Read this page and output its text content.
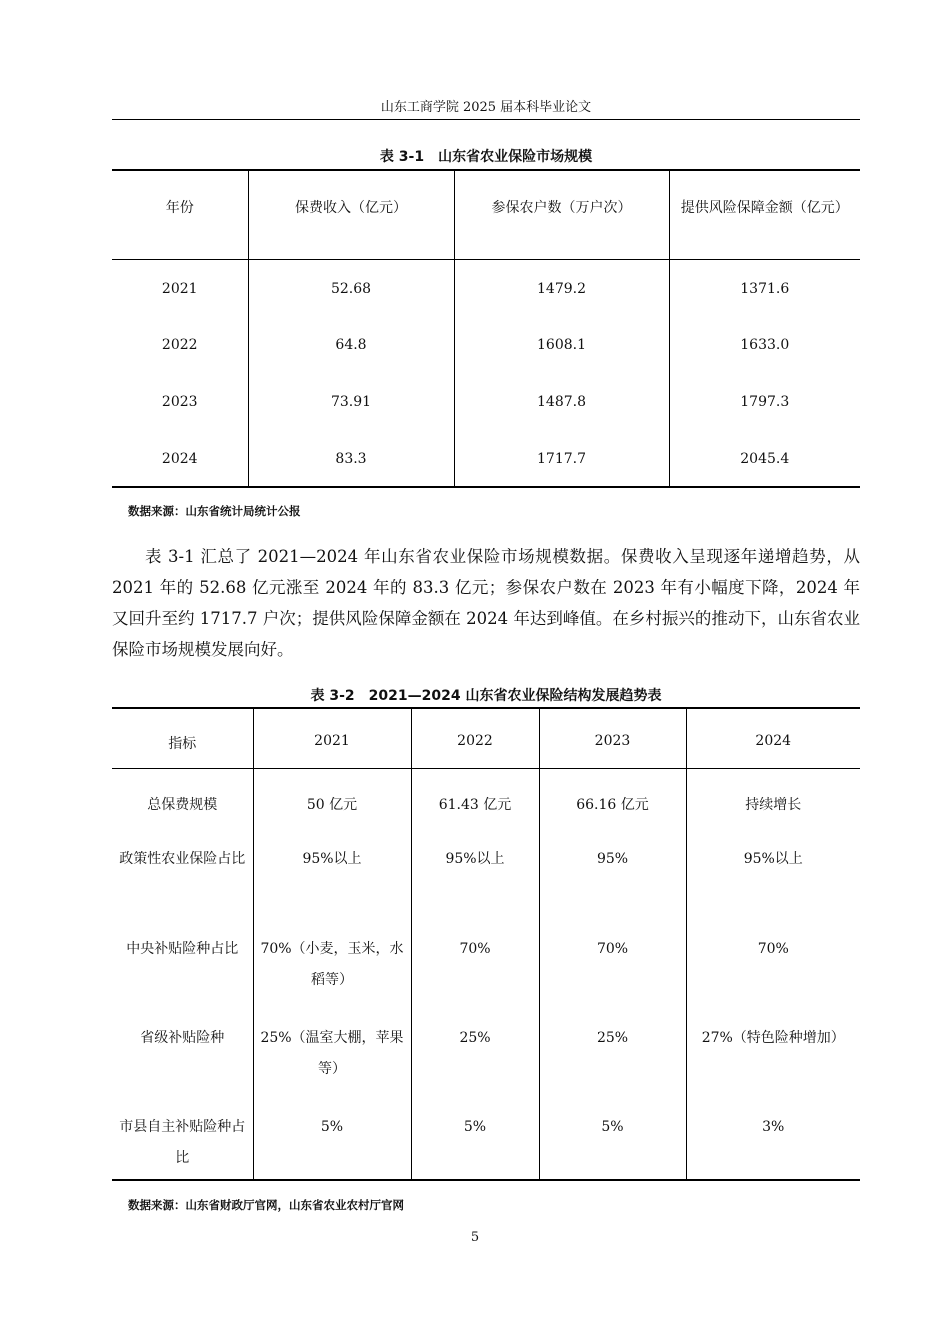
山东工商学院 2025 届本科毕业论文
表 3-1　山东省农业保险市场规模
年份	保费收入（亿元）	参保农户数（万户次）	提供风险保障金额（亿元）
2021	52.68	1479.2	1371.6
2022	64.8	1608.1	1633.0
2023	73.91	1487.8	1797.3
2024	83.3	1717.7	2045.4
数据来源：山东省统计局统计公报
表 3-1 汇总了 2021—2024 年山东省农业保险市场规模数据。保费收入呈现逐年递增趋势，从 2021 年的 52.68 亿元涨至 2024 年的 83.3 亿元；参保农户数在 2023 年有小幅度下降，2024 年又回升至约 1717.7 户次；提供风险保障金额在 2024 年达到峰值。在乡村振兴的推动下，山东省农业保险市场规模发展向好。
表 3-2　2021—2024 山东省农业保险结构发展趋势表
指标	2021	2022	2023	2024
总保费规模	50 亿元	61.43 亿元	66.16 亿元	持续增长
政策性农业保险占比	95%以上	95%以上	95%	95%以上
中央补贴险种占比	70%（小麦，玉米，水稻等）	70%	70%	70%
省级补贴险种	25%（温室大棚，苹果等）	25%	25%	27%（特色险种增加）
市县自主补贴险种占比	5%	5%	5%	3%
数据来源：山东省财政厅官网，山东省农业农村厅官网
5
